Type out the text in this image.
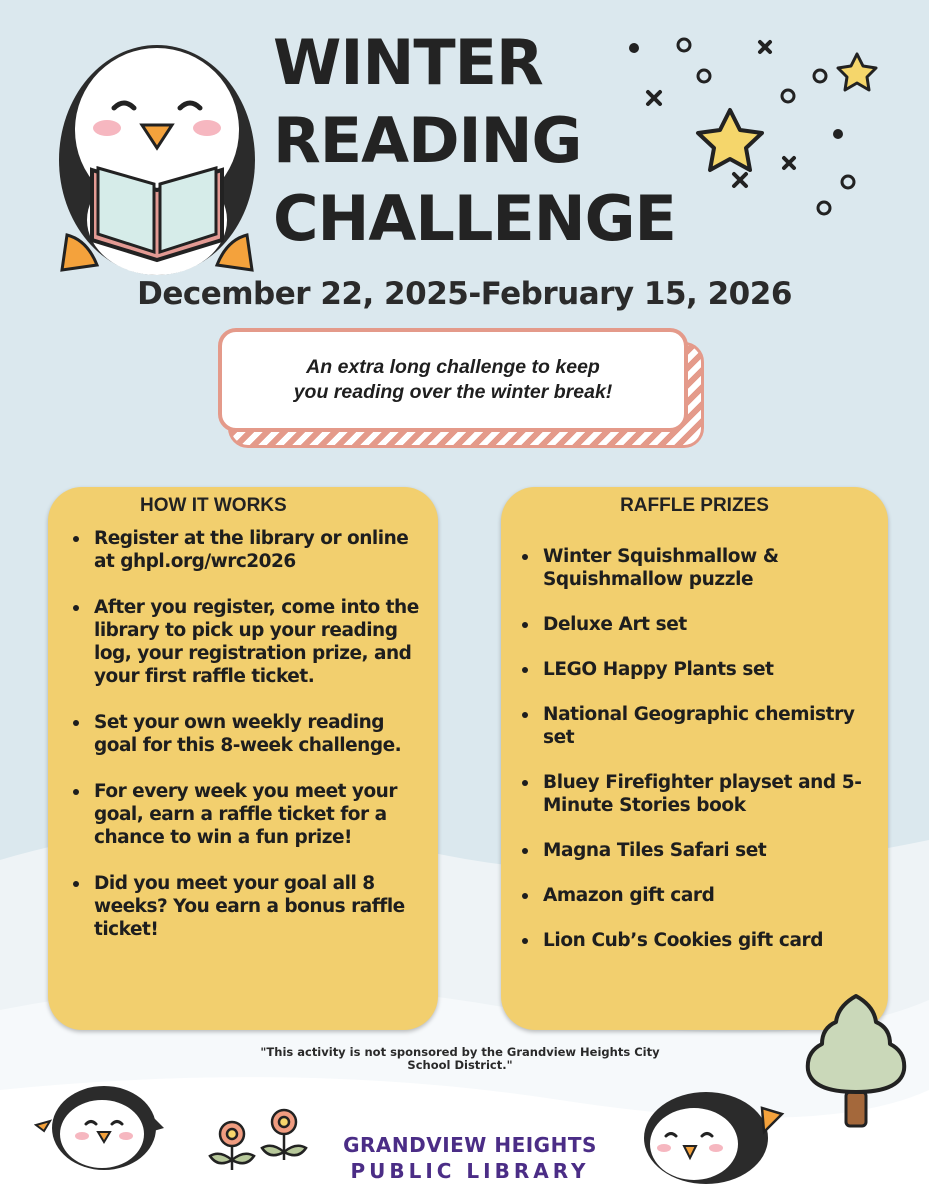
WINTER
READING
CHALLENGE
December 22, 2025-February 15, 2026
An extra long challenge to keep you reading over the winter break!
HOW IT WORKS
Register at the library or online at ghpl.org/wrc2026
After you register, come into the library to pick up your reading log, your registration prize, and your first raffle ticket.
Set your own weekly reading goal for this 8-week challenge.
For every week you meet your goal, earn a raffle ticket for a chance to win a fun prize!
Did you meet your goal all 8 weeks? You earn a bonus raffle ticket!
RAFFLE PRIZES
Winter Squishmallow & Squishmallow puzzle
Deluxe Art set
LEGO Happy Plants set
National Geographic chemistry set
Bluey Firefighter playset and 5-Minute Stories book
Magna Tiles Safari set
Amazon gift card
Lion Cub’s Cookies gift card
"This activity is not sponsored by the Grandview Heights City School District."
GRANDVIEW HEIGHTS
PUBLIC LIBRARY
